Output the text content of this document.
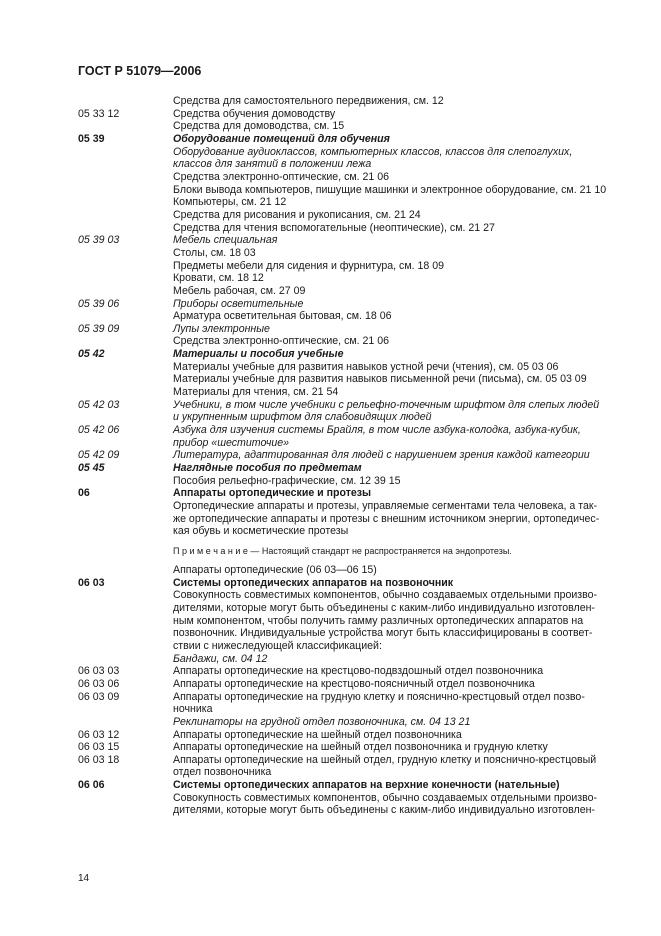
ГОСТ Р 51079—2006
Средства для самостоятельного передвижения, см. 12
05 33 12	Средства обучения домоводству
Средства для домоводства, см. 15
05 39	Оборудование помещений для обучения
Оборудование аудиоклассов, компьютерных классов, классов для слепоглухих,
классов для занятий в положении лежа
Средства электронно-оптические, см. 21 06
Блоки вывода компьютеров, пишущие машинки и электронное оборудование, см. 21 10
Компьютеры, см. 21 12
Средства для рисования и рукописания, см. 21 24
Средства для чтения вспомогательные (неоптические), см. 21 27
05 39 03	Мебель специальная
Столы, см. 18 03
Предметы мебели для сидения и фурнитура, см. 18 09
Кровати, см. 18 12
Мебель рабочая, см. 27 09
05 39 06	Приборы осветительные
Арматура осветительная бытовая, см. 18 06
05 39 09	Лупы электронные
Средства электронно-оптические, см. 21 06
05 42	Материалы и пособия учебные
Материалы учебные для развития навыков устной речи (чтения), см. 05 03 06
Материалы учебные для развития навыков письменной речи (письма), см. 05 03 09
Материалы для чтения, см. 21 54
05 42 03	Учебники, в том числе учебники с рельефно-точечным шрифтом для слепых людей
и укрупненным шрифтом для слабовидящих людей
05 42 06	Азбука для изучения системы Брайля, в том числе азбука-колодка, азбука-кубик,
прибор «шеститочие»
05 42 09	Литература, адаптированная для людей с нарушением зрения каждой категории
05 45	Наглядные пособия по предметам
Пособия рельефно-графические, см. 12 39 15
06	Аппараты ортопедические и протезы
Ортопедические аппараты и протезы, управляемые сегментами тела человека, а так-
же ортопедические аппараты и протезы с внешним источником энергии, ортопедичес-
кая обувь и косметические протезы
П р и м е ч а н и е — Настоящий стандарт не распространяется на эндопротезы.
Аппараты ортопедические (06 03—06 15)
06 03	Системы ортопедических аппаратов на позвоночник
Совокупность совместимых компонентов, обычно создаваемых отдельными произво-
дителями, которые могут быть объединены с каким-либо индивидуально изготовлен-
ным компонентом, чтобы получить гамму различных ортопедических аппаратов на
позвоночник. Индивидуальные устройства могут быть классифицированы в соответ-
ствии с нижеследующей классификацией:
Бандажи, см. 04 12
06 03 03	Аппараты ортопедические на крестцово-подвздошный отдел позвоночника
06 03 06	Аппараты ортопедические на крестцово-поясничный отдел позвоночника
06 03 09	Аппараты ортопедические на грудную клетку и пояснично-крестцовый отдел позво-
ночника
Реклинаторы на грудной отдел позвоночника, см. 04 13 21
06 03 12	Аппараты ортопедические на шейный отдел позвоночника
06 03 15	Аппараты ортопедические на шейный отдел позвоночника и грудную клетку
06 03 18	Аппараты ортопедические на шейный отдел, грудную клетку и пояснично-крестцовый
отдел позвоночника
06 06	Системы ортопедических аппаратов на верхние конечности (нательные)
Совокупность совместимых компонентов, обычно создаваемых отдельными произво-
дителями, которые могут быть объединены с каким-либо индивидуально изготовлен-
14
